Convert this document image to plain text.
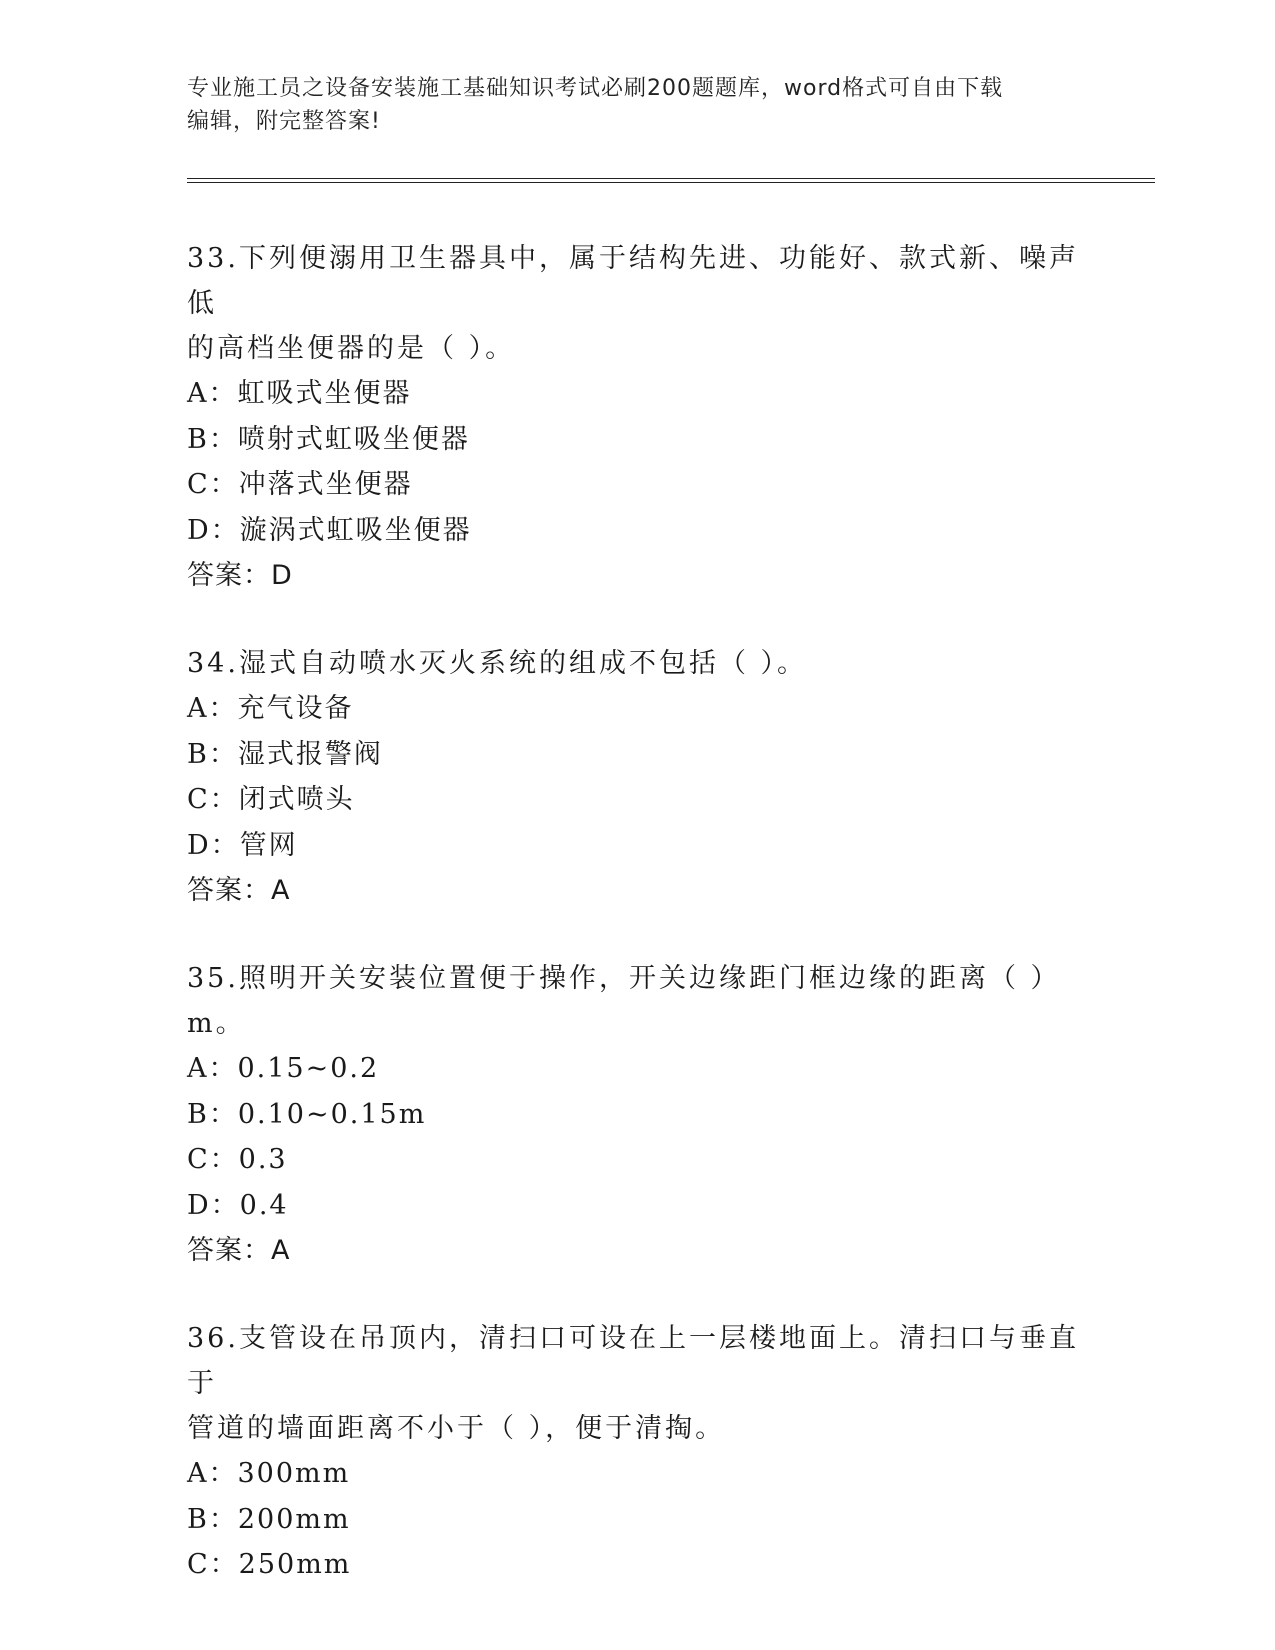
专业施工员之设备安装施工基础知识考试必刷200题题库，word格式可自由下载
编辑，附完整答案!

33.下列便溺用卫生器具中，属于结构先进、功能好、款式新、噪声低
的高档坐便器的是（ ）。

A：虹吸式坐便器

B：喷射式虹吸坐便器

C：冲落式坐便器

D：漩涡式虹吸坐便器

答案：D

34.湿式自动喷水灭火系统的组成不包括（ ）。

A：充气设备

B：湿式报警阀

C：闭式喷头

D：管网

答案：A

35.照明开关安装位置便于操作，开关边缘距门框边缘的距离（ ）m。

A：0.15~0.2

B：0.10~0.15m

C：0.3

D：0.4

答案：A

36.支管设在吊顶内，清扫口可设在上一层楼地面上。清扫口与垂直于
管道的墙面距离不小于（ ），便于清掏。

A：300mm

B：200mm

C：250mm
